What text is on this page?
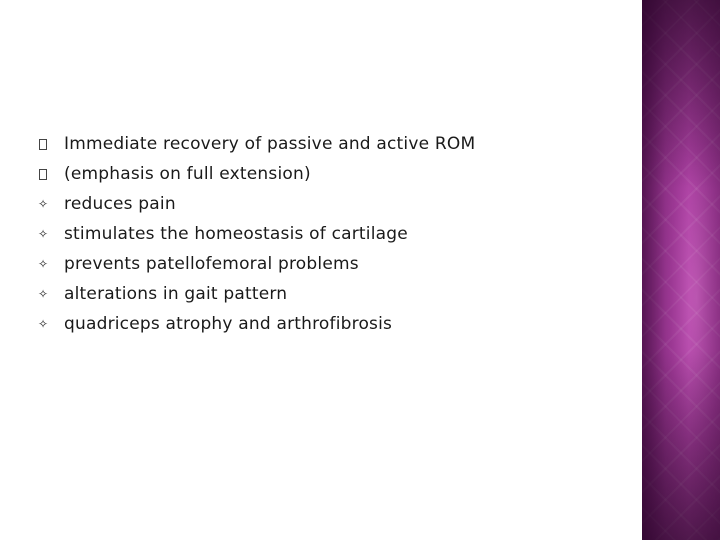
Immediate recovery of passive and active ROM
(emphasis on full extension)
✧ reduces pain
✧ stimulates the homeostasis of cartilage
✧ prevents patellofemoral problems
✧ alterations in gait pattern
✧ quadriceps atrophy and arthrofibrosis
